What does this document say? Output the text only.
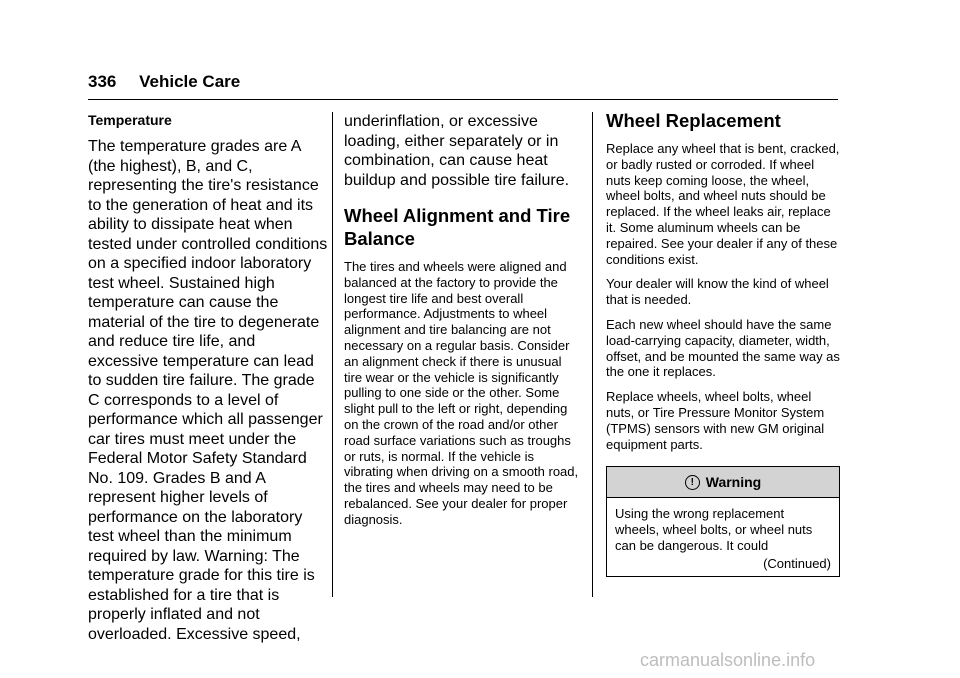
336 Vehicle Care
Temperature

The temperature grades are A (the highest), B, and C, representing the tire's resistance to the generation of heat and its ability to dissipate heat when tested under controlled conditions on a specified indoor laboratory test wheel. Sustained high temperature can cause the material of the tire to degenerate and reduce tire life, and excessive temperature can lead to sudden tire failure. The grade C corresponds to a level of performance which all passenger car tires must meet under the Federal Motor Safety Standard No. 109. Grades B and A represent higher levels of performance on the laboratory test wheel than the minimum required by law. Warning: The temperature grade for this tire is established for a tire that is properly inflated and not overloaded. Excessive speed,

underinflation, or excessive loading, either separately or in combination, can cause heat buildup and possible tire failure.

Wheel Alignment and Tire Balance

The tires and wheels were aligned and balanced at the factory to provide the longest tire life and best overall performance. Adjustments to wheel alignment and tire balancing are not necessary on a regular basis. Consider an alignment check if there is unusual tire wear or the vehicle is significantly pulling to one side or the other. Some slight pull to the left or right, depending on the crown of the road and/or other road surface variations such as troughs or ruts, is normal. If the vehicle is vibrating when driving on a smooth road, the tires and wheels may need to be rebalanced. See your dealer for proper diagnosis.

Wheel Replacement

Replace any wheel that is bent, cracked, or badly rusted or corroded. If wheel nuts keep coming loose, the wheel, wheel bolts, and wheel nuts should be replaced. If the wheel leaks air, replace it. Some aluminum wheels can be repaired. See your dealer if any of these conditions exist.

Your dealer will know the kind of wheel that is needed.

Each new wheel should have the same load-carrying capacity, diameter, width, offset, and be mounted the same way as the one it replaces.

Replace wheels, wheel bolts, wheel nuts, or Tire Pressure Monitor System (TPMS) sensors with new GM original equipment parts.

! Warning
Using the wrong replacement wheels, wheel bolts, or wheel nuts can be dangerous. It could
(Continued)
carmanualsonline.info
